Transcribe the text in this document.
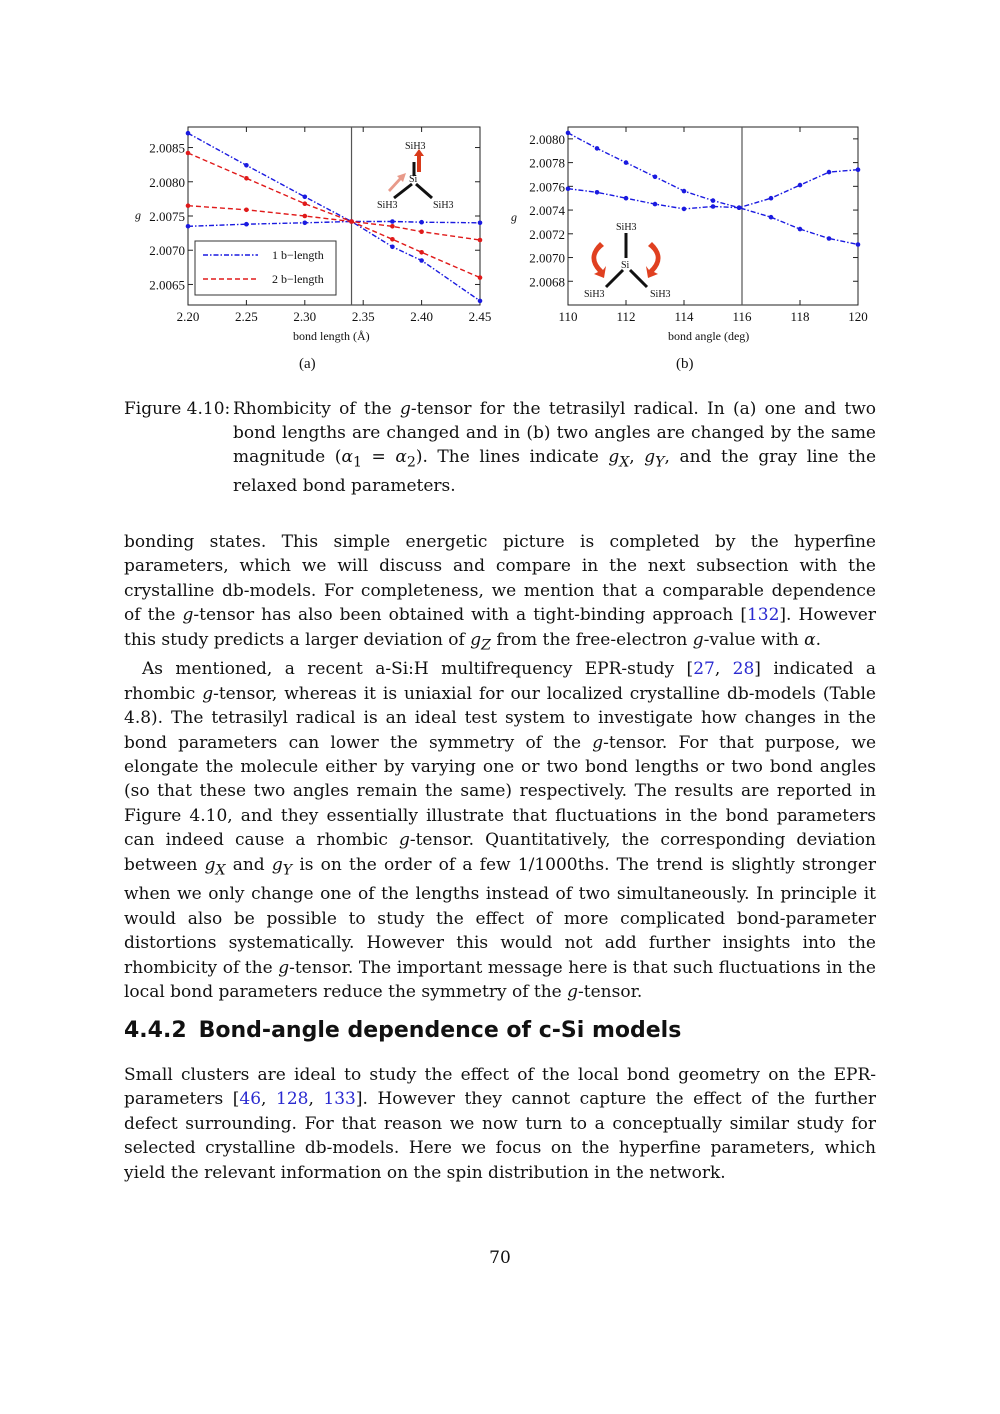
2.20	2.25	2.30	2.35	2.40	2.45
2.0085
2.0080
2.0075
2.0070
2.0065
1 b−length
2 b−length
SiH3
Si
SiH3	SiH3
bond length (Å)
g
(a)
110	112	114	116	118	120
2.0080
2.0078
2.0076
2.0074
2.0072
2.0070
2.0068
SiH3
Si
SiH3	SiH3
bond angle (deg)
g
(b)
Figure 4.10: Rhombicity of the g-tensor for the tetrasilyl radical. In (a) one and two bond lengths are changed and in (b) two angles are changed by the same magnitude $(\alpha_1 = \alpha_2)$. The lines indicate $g_X$, $g_Y$, and the gray line the relaxed bond parameters.

bonding states. This simple energetic picture is completed by the hyperfine parameters, which we will discuss and compare in the next subsection with the crystalline db-models. For completeness, we mention that a comparable dependence of the g-tensor has also been obtained with a tight-binding approach [132]. However this study predicts a larger deviation of $g_Z$ from the free-electron g-value with α.

As mentioned, a recent a-Si:H multifrequency EPR-study [27, 28] indicated a rhombic g-tensor, whereas it is uniaxial for our localized crystalline db-models (Table 4.8). The tetrasilyl radical is an ideal test system to investigate how changes in the bond parameters can lower the symmetry of the g-tensor. For that purpose, we elongate the molecule either by varying one or two bond lengths or two bond angles (so that these two angles remain the same) respectively. The results are reported in Figure 4.10, and they essentially illustrate that fluctuations in the bond parameters can indeed cause a rhombic g-tensor. Quantitatively, the corresponding deviation between $g_X$ and $g_Y$ is on the order of a few 1/1000ths. The trend is slightly stronger when we only change one of the lengths instead of two simultaneously. In principle it would also be possible to study the effect of more complicated bond-parameter distortions systematically. However this would not add further insights into the rhombicity of the g-tensor. The important message here is that such fluctuations in the local bond parameters reduce the symmetry of the g-tensor.

4.4.2 Bond-angle dependence of c-Si models

Small clusters are ideal to study the effect of the local bond geometry on the EPR-parameters [46, 128, 133]. However they cannot capture the effect of the further defect surrounding. For that reason we now turn to a conceptually similar study for selected crystalline db-models. Here we focus on the hyperfine parameters, which yield the relevant information on the spin distribution in the network.

70
